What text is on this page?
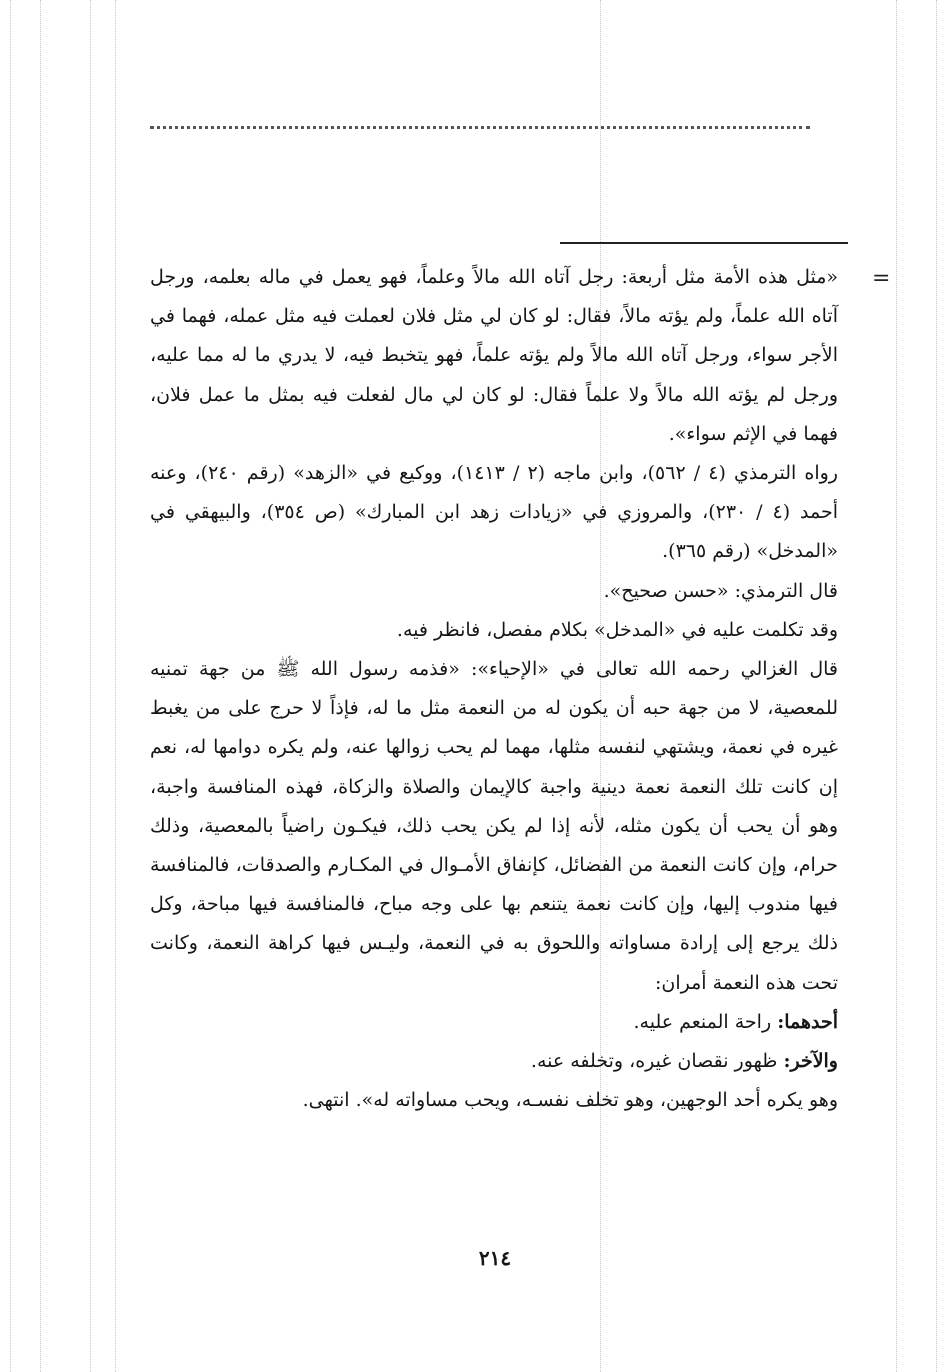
=

«مثل هذه الأمة مثل أربعة: رجل آتاه الله مالاً وعلماً، فهو يعمل في ماله بعلمه، ورجل آتاه الله علماً، ولم يؤته مالاً، فقال: لو كان لي مثل فلان لعملت فيه مثل عمله، فهما في الأجر سواء، ورجل آتاه الله مالاً ولم يؤته علماً، فهو يتخبط فيه، لا يدري ما له مما عليه، ورجل لم يؤته الله مالاً ولا علماً فقال: لو كان لي مال لفعلت فيه بمثل ما عمل فلان، فهما في الإثم سواء».

رواه الترمذي (٤ / ٥٦٢)، وابن ماجه (٢ / ١٤١٣)، ووكيع في «الزهد» (رقم ٢٤٠)، وعنه أحمد (٤ / ٢٣٠)، والمروزي في «زيادات زهد ابن المبارك» (ص ٣٥٤)، والبيهقي في «المدخل» (رقم ٣٦٥).

قال الترمذي: «حسن صحيح».

وقد تكلمت عليه في «المدخل» بكلام مفصل، فانظر فيه.

قال الغزالي رحمه الله تعالى في «الإحياء»: «فذمه رسول الله ﷺ من جهة تمنيه للمعصية، لا من جهة حبه أن يكون له من النعمة مثل ما له، فإذاً لا حرج على من يغبط غيره في نعمة، ويشتهي لنفسه مثلها، مهما لم يحب زوالها عنه، ولم يكره دوامها له، نعم إن كانت تلك النعمة نعمة دينية واجبة كالإيمان والصلاة والزكاة، فهذه المنافسة واجبة، وهو أن يحب أن يكون مثله، لأنه إذا لم يكن يحب ذلك، فيكـون راضياً بالمعصية، وذلك حرام، وإن كانت النعمة من الفضائل، كإنفاق الأمـوال في المكـارم والصدقات، فالمنافسة فيها مندوب إليها، وإن كانت نعمة يتنعم بها على وجه مباح، فالمنافسة فيها مباحة، وكل ذلك يرجع إلى إرادة مساواته واللحوق به في النعمة، وليـس فيها كراهة النعمة، وكانت تحت هذه النعمة أمران:

أحدهما: راحة المنعم عليه.

والآخر: ظهور نقصان غيره، وتخلفه عنه.

وهو يكره أحد الوجهين، وهو تخلف نفسـه، ويحب مساواته له». انتهى.

٢١٤
